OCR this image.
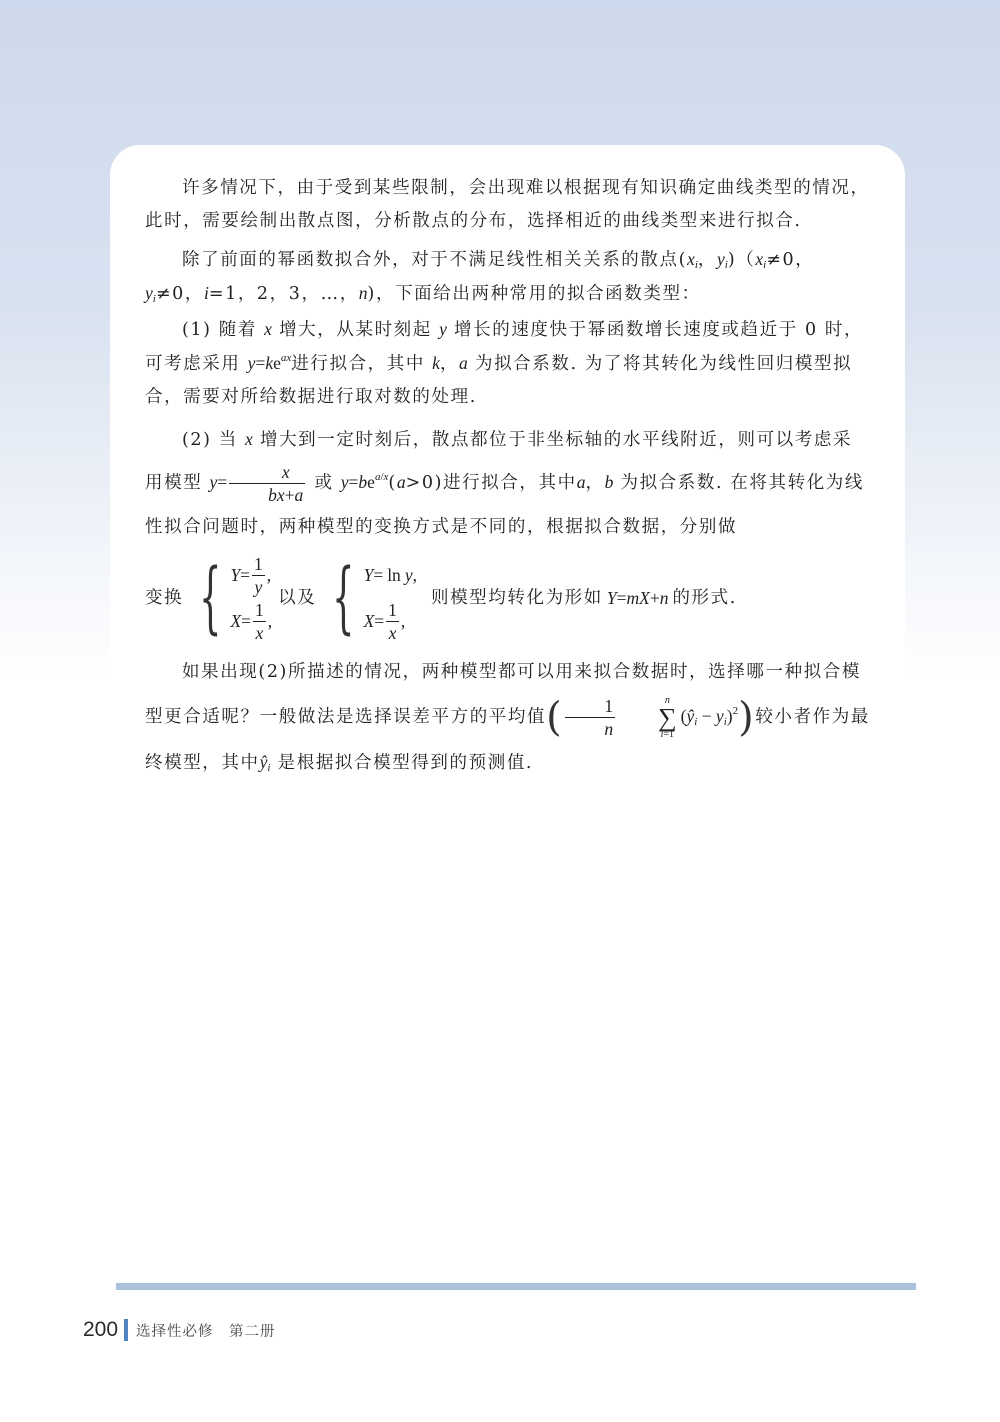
许多情况下，由于受到某些限制，会出现难以根据现有知识确定曲线类型的情况，此时，需要绘制出散点图，分析散点的分布，选择相近的曲线类型来进行拟合.

除了前面的幂函数拟合外，对于不满足线性相关关系的散点($x_i$，$y_i)(x_i\ne 0$，$y_i\ne 0$，i=1，2，3，…，n)，下面给出两种常用的拟合函数类型：

(1) 随着 x 增大，从某时刻起 y 增长的速度快于幂函数增长速度或趋近于 0 时，可考虑采用 $y=ke^{ax}$进行拟合，其中 k，a 为拟合系数. 为了将其转化为线性回归模型拟合，需要对所给数据进行取对数的处理.

(2) 当 x 增大到一定时刻后，散点都位于非坐标轴的水平线附近，则可以考虑采用模型 $y= \frac{x}{bx+a}$ 或 $y=be^{a/x}(a>0)$进行拟合，其中a，b 为拟合系数. 在将其转化为线性拟合问题时，两种模型的变换方式是不同的，根据拟合数据，分别做

变换 { $Y = \frac{1}{y}$ ,
$X = \frac{1}{x}$ ,
以及 { Y = ln y ,
$X = \frac{1}{x}$ ,
则模型均转化为形如 Y=mX+n 的形式.

如果出现(2)所描述的情况，两种模型都可以用来拟合数据时，选择哪一种拟合模型更合适呢？一般做法是选择误差平方的平均值( $\frac{1}{n}$	n
∑
i=1
$(ŷ_i - y_i)^2$)较小者作为最终模型，其中$ŷ_i$ 是根据拟合模型得到的预测值.

200 选择性必修　第二册
